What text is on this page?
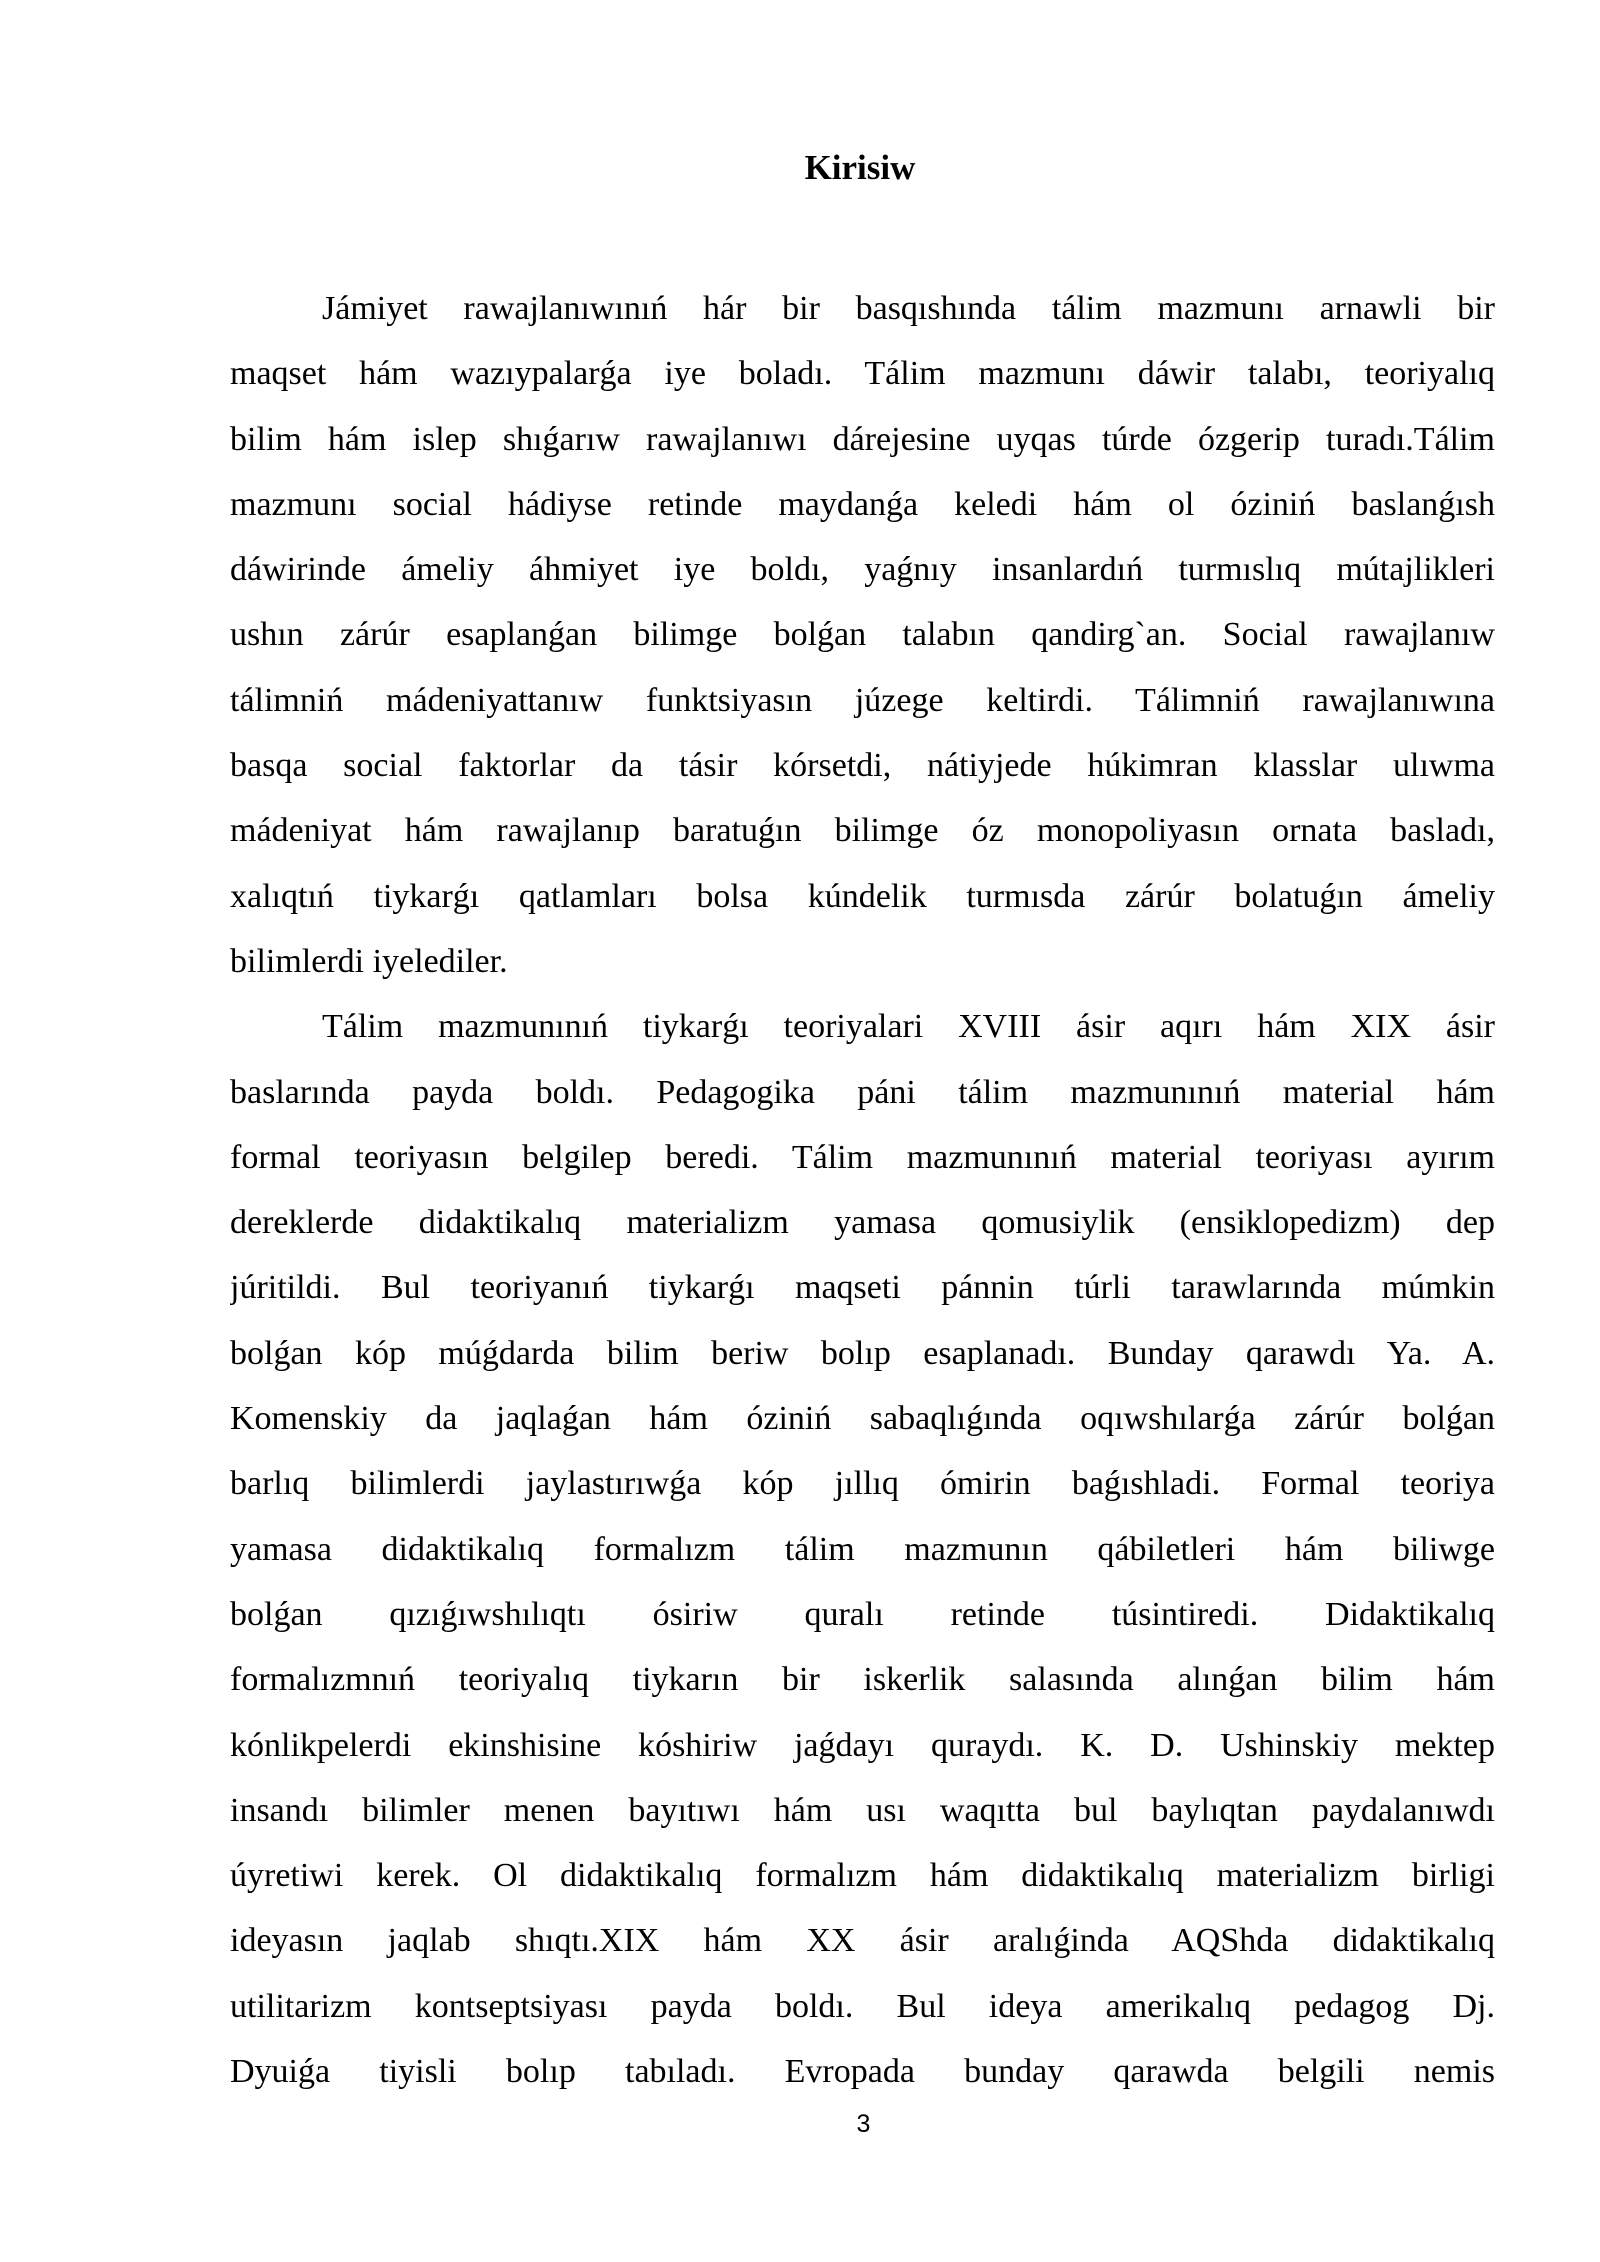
Kirisiw
Jámiyet rawajlanıwınıń hár bir basqıshında tálim mazmunı arnawli bir
maqset hám wazıypalarǵa iye boladı. Tálim mazmunı dáwir talabı, teoriyalıq
bilim hám islep shıǵarıw rawajlanıwı dárejesine uyqas túrde ózgerip turadı.Tálim
mazmunı social hádiyse retinde maydanǵa keledi hám ol óziniń baslanǵısh
dáwirinde ámeliy áhmiyet iye boldı, yaǵnıy insanlardıń turmıslıq mútajlikleri
ushın zárúr esaplanǵan bilimge bolǵan talabın qandirg`an. Social rawajlanıw
tálimniń mádeniyattanıw funktsiyasın júzege keltirdi. Tálimniń rawajlanıwına
basqa social faktorlar da tásir kórsetdi, nátiyjede húkimran klasslar ulıwma
mádeniyat hám rawajlanıp baratuǵın bilimge óz monopoliyasın ornata basladı,
xalıqtıń tiykarǵı qatlamları bolsa kúndelik turmısda zárúr bolatuǵın ámeliy
bilimlerdi iyelediler.
Tálim mazmunınıń tiykarǵı teoriyalari XVIII ásir aqırı hám XIX ásir
baslarında payda boldı. Pedagogika páni tálim mazmunınıń material hám
formal teoriyasın belgilep beredi. Tálim mazmunınıń material teoriyası ayırım
dereklerde didaktikalıq materializm yamasa qomusiylik (ensiklopedizm) dep
júritildi. Bul teoriyanıń tiykarǵı maqseti pánnin túrli tarawlarında múmkin
bolǵan kóp múǵdarda bilim beriw bolıp esaplanadı. Bunday qarawdı Ya. A.
Komenskiy da jaqlaǵan hám óziniń sabaqlıǵında oqıwshılarǵa zárúr bolǵan
barlıq bilimlerdi jaylastırıwǵa kóp jıllıq ómirin baǵıshladi. Formal teoriya
yamasa didaktikalıq formalızm tálim mazmunın qábiletleri hám biliwge
bolǵan qızıǵıwshılıqtı ósiriw quralı retinde túsintiredi. Didaktikalıq
formalızmnıń teoriyalıq tiykarın bir iskerlik salasında alınǵan bilim hám
kónlikpelerdi ekinshisine kóshiriw jaǵdayı quraydı. K. D. Ushinskiy mektep
insandı bilimler menen bayıtıwı hám usı waqıtta bul baylıqtan paydalanıwdı
úyretiwi kerek. Ol didaktikalıq formalızm hám didaktikalıq materializm birligi
ideyasın jaqlab shıqtı.XIX hám XX ásir aralıǵinda AQShda didaktikalıq
utilitarizm kontseptsiyası payda boldı. Bul ideya amerikalıq pedagog Dj.
Dyuiǵa tiyisli bolıp tabıladı. Evropada bunday qarawda belgili nemis
3
